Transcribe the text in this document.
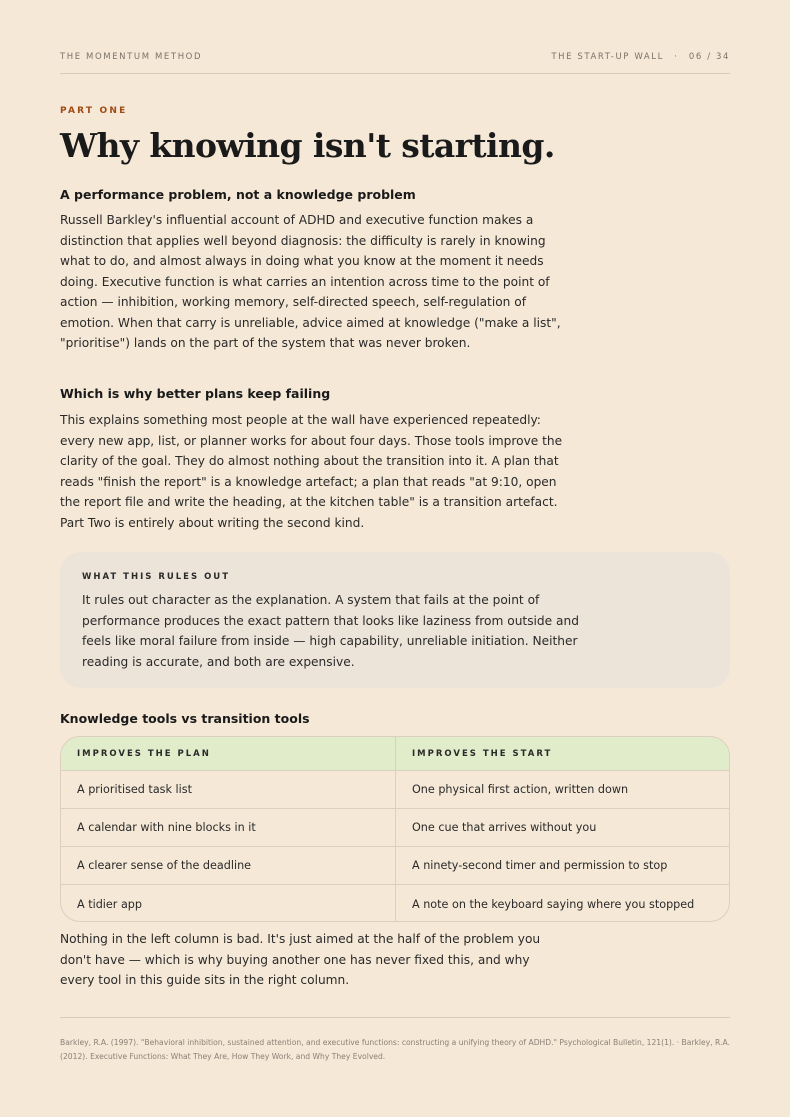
THE MOMENTUM METHOD	THE START-UP WALL · 06 / 34
PART ONE
Why knowing isn't starting.
A performance problem, not a knowledge problem

Russell Barkley's influential account of ADHD and executive function makes a distinction that applies well beyond diagnosis: the difficulty is rarely in knowing what to do, and almost always in doing what you know at the moment it needs doing. Executive function is what carries an intention across time to the point of action — inhibition, working memory, self-directed speech, self-regulation of emotion. When that carry is unreliable, advice aimed at knowledge ("make a list", "prioritise") lands on the part of the system that was never broken.

Which is why better plans keep failing

This explains something most people at the wall have experienced repeatedly: every new app, list, or planner works for about four days. Those tools improve the clarity of the goal. They do almost nothing about the transition into it. A plan that reads "finish the report" is a knowledge artefact; a plan that reads "at 9:10, open the report file and write the heading, at the kitchen table" is a transition artefact. Part Two is entirely about writing the second kind.

WHAT THIS RULES OUT

It rules out character as the explanation. A system that fails at the point of performance produces the exact pattern that looks like laziness from outside and feels like moral failure from inside — high capability, unreliable initiation. Neither reading is accurate, and both are expensive.

Knowledge tools vs transition tools
IMPROVES THE PLAN	IMPROVES THE START
A prioritised task list	One physical first action, written down
A calendar with nine blocks in it	One cue that arrives without you
A clearer sense of the deadline	A ninety-second timer and permission to stop
A tidier app	A note on the keyboard saying where you stopped

Nothing in the left column is bad. It's just aimed at the half of the problem you don't have — which is why buying another one has never fixed this, and why every tool in this guide sits in the right column.

Barkley, R.A. (1997). "Behavioral inhibition, sustained attention, and executive functions: constructing a unifying theory of ADHD." Psychological Bulletin, 121(1). · Barkley, R.A. (2012). Executive Functions: What They Are, How They Work, and Why They Evolved.
